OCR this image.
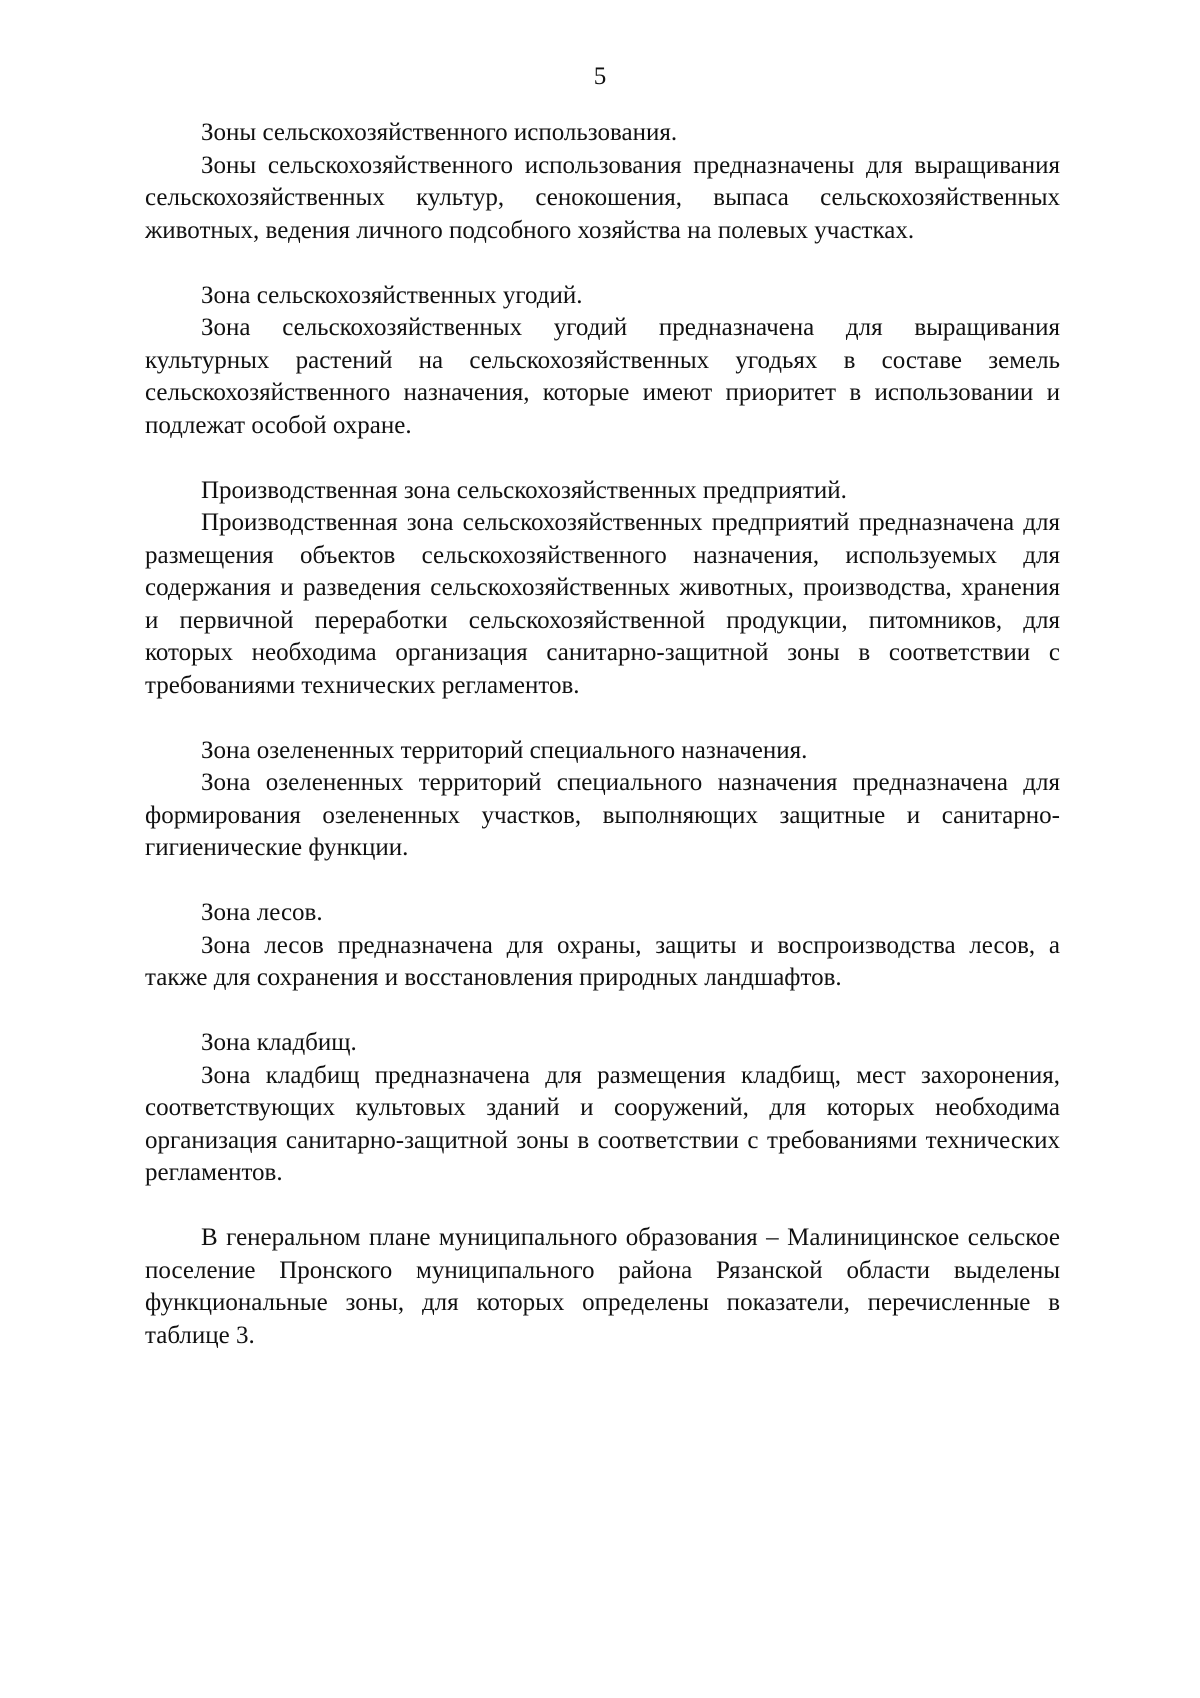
5

Зоны сельскохозяйственного использования.

Зоны сельскохозяйственного использования предназначены для выращивания сельскохозяйственных культур, сенокошения, выпаса сельскохозяйственных животных, ведения личного подсобного хозяйства на полевых участках.

Зона сельскохозяйственных угодий.

Зона сельскохозяйственных угодий предназначена для выращивания культурных растений на сельскохозяйственных угодьях в составе земель сельскохозяйственного назначения, которые имеют приоритет в использовании и подлежат особой охране.

Производственная зона сельскохозяйственных предприятий.

Производственная зона сельскохозяйственных предприятий предназначена для размещения объектов сельскохозяйственного назначения, используемых для содержания и разведения сельскохозяйственных животных, производства, хранения и первичной переработки сельскохозяйственной продукции, питомников, для которых необходима организация санитарно-защитной зоны в соответствии с требованиями технических регламентов.

Зона озелененных территорий специального назначения.

Зона озелененных территорий специального назначения предназначена для формирования озелененных участков, выполняющих защитные и санитарно-гигиенические функции.

Зона лесов.

Зона лесов предназначена для охраны, защиты и воспроизводства лесов, а также для сохранения и восстановления природных ландшафтов.

Зона кладбищ.

Зона кладбищ предназначена для размещения кладбищ, мест захоронения, соответствующих культовых зданий и сооружений, для которых необходима организация санитарно-защитной зоны в соответствии с требованиями технических регламентов.

В генеральном плане муниципального образования – Малиницинское сельское поселение Пронского муниципального района Рязанской области выделены функциональные зоны, для которых определены показатели, перечисленные в таблице 3.
